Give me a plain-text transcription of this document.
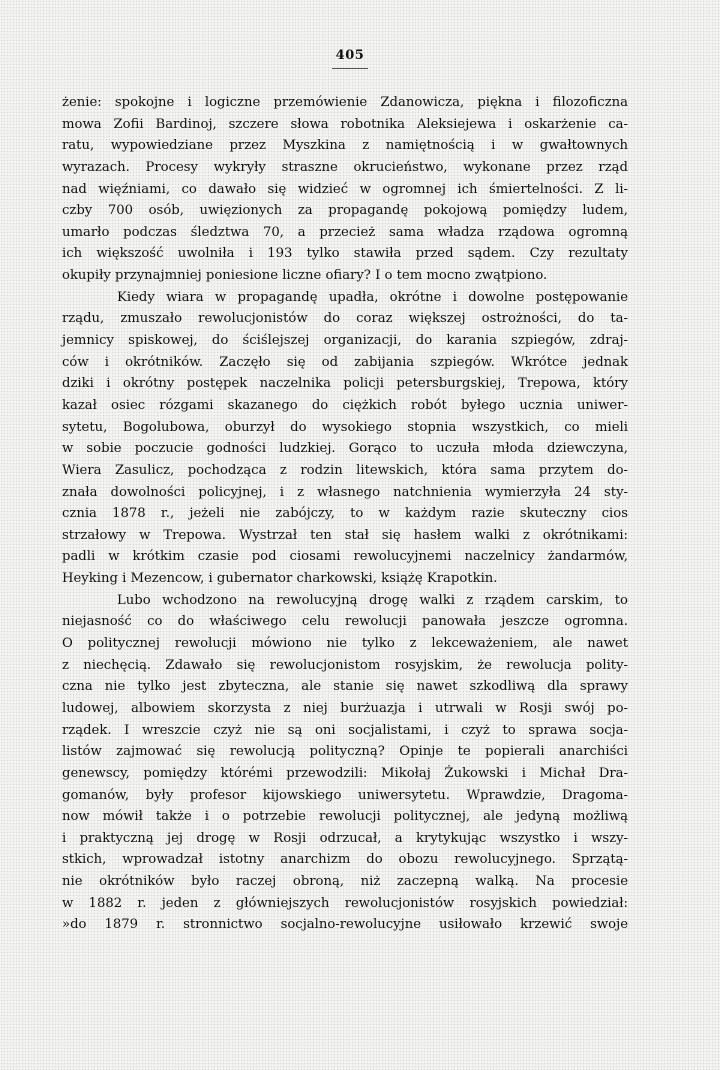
405
żenie: spokojne i logiczne przemówienie Zdanowicza, piękna i filozoficzna
mowa Zofii Bardinoj, szczere słowa robotnika Aleksiejewa i oskarżenie ca-
ratu, wypowiedziane przez Myszkina z namiętnością i w gwałtownych
wyrazach. Procesy wykryły straszne okrucieństwo, wykonane przez rząd
nad więźniami, co dawało się widzieć w ogromnej ich śmiertelności. Z li-
czby 700 osób, uwięzionych za propagandę pokojową pomiędzy ludem,
umarło podczas śledztwa 70, a przecież sama władza rządowa ogromną
ich większość uwolniła i 193 tylko stawiła przed sądem. Czy rezultaty
okupiły przynajmniej poniesione liczne ofiary? I o tem mocno zwątpiono.
Kiedy wiara w propagandę upadła, okrótne i dowolne postępowanie
rządu, zmuszało rewolucjonistów do coraz większej ostrożności, do ta-
jemnicy spiskowej, do ściślejszej organizacji, do karania szpiegów, zdraj-
ców i okrótników. Zaczęło się od zabijania szpiegów. Wkrótce jednak
dziki i okrótny postępek naczelnika policji petersburgskiej, Trepowa, który
kazał osiec rózgami skazanego do ciężkich robót byłego ucznia uniwer-
sytetu, Bogolubowa, oburzył do wysokiego stopnia wszystkich, co mieli
w sobie poczucie godności ludzkiej. Gorąco to uczuła młoda dziewczyna,
Wiera Zasulicz, pochodząca z rodzin litewskich, która sama przytem do-
znała dowolności policyjnej, i z własnego natchnienia wymierzyła 24 sty-
cznia 1878 r., jeżeli nie zabójczy, to w każdym razie skuteczny cios
strzałowy w Trepowa. Wystrzał ten stał się hasłem walki z okrótnikami:
padli w krótkim czasie pod ciosami rewolucyjnemi naczelnicy żandarmów,
Heyking i Mezencow, i gubernator charkowski, książę Krapotkin.
Lubo wchodzono na rewolucyjną drogę walki z rządem carskim, to
niejasność co do właściwego celu rewolucji panowała jeszcze ogromna.
O politycznej rewolucji mówiono nie tylko z lekceważeniem, ale nawet
z niechęcią. Zdawało się rewolucjonistom rosyjskim, że rewolucja polity-
czna nie tylko jest zbyteczna, ale stanie się nawet szkodliwą dla sprawy
ludowej, albowiem skorzysta z niej burżuazja i utrwali w Rosji swój po-
rządek. I wreszcie czyż nie są oni socjalistami, i czyż to sprawa socja-
listów zajmować się rewolucją polityczną? Opinje te popierali anarchiści
genewscy, pomiędzy którémi przewodzili: Mikołaj Żukowski i Michał Dra-
gomanów, były profesor kijowskiego uniwersytetu. Wprawdzie, Dragoma-
now mówił także i o potrzebie rewolucji politycznej, ale jedyną możliwą
i praktyczną jej drogę w Rosji odrzucał, a krytykując wszystko i wszy-
stkich, wprowadzał istotny anarchizm do obozu rewolucyjnego. Sprzątą-
nie okrótników było raczej obroną, niż zaczepną walką. Na procesie
w 1882 r. jeden z główniejszych rewolucjonistów rosyjskich powiedział:
»do 1879 r. stronnictwo socjalno-rewolucyjne usiłowało krzewić swoje
